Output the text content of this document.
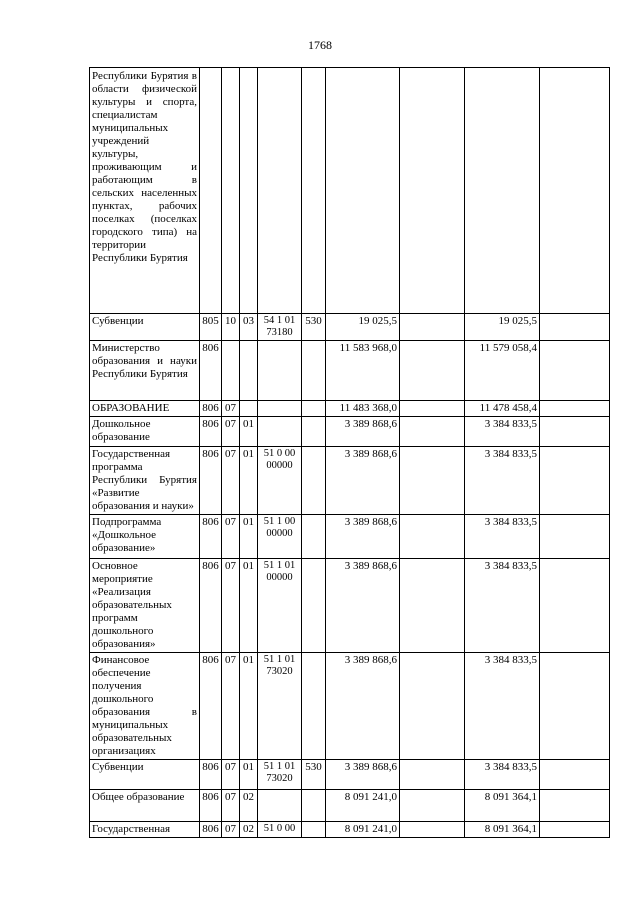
1768
Республики Бурятия в области физической культуры и спорта, специалистам муниципальных учреждений культуры, проживающим и работающим в сельских населенных пунктах, рабочих поселках (поселках городского типа) на территории Республики Бурятия									
Субвенции	805	10	03	54 1 01 73180	530	19 025,5		19 025,5	
Министерство образования и науки Республики Бурятия	806					11 583 968,0		11 579 058,4	
ОБРАЗОВАНИЕ	806	07				11 483 368,0		11 478 458,4	
Дошкольное образование	806	07	01			3 389 868,6		3 384 833,5	
Государственная программа Республики Бурятия «Развитие образования и науки»	806	07	01	51 0 00 00000		3 389 868,6		3 384 833,5	
Подпрограмма «Дошкольное образование»	806	07	01	51 1 00 00000		3 389 868,6		3 384 833,5	
Основное мероприятие «Реализация образовательных программ дошкольного образования»	806	07	01	51 1 01 00000		3 389 868,6		3 384 833,5	
Финансовое обеспечение получения дошкольного образования в муниципальных образовательных организациях	806	07	01	51 1 01 73020		3 389 868,6		3 384 833,5	
Субвенции	806	07	01	51 1 01 73020	530	3 389 868,6		3 384 833,5	
Общее образование	806	07	02			8 091 241,0		8 091 364,1	
Государственная	806	07	02	51 0 00		8 091 241,0		8 091 364,1	
